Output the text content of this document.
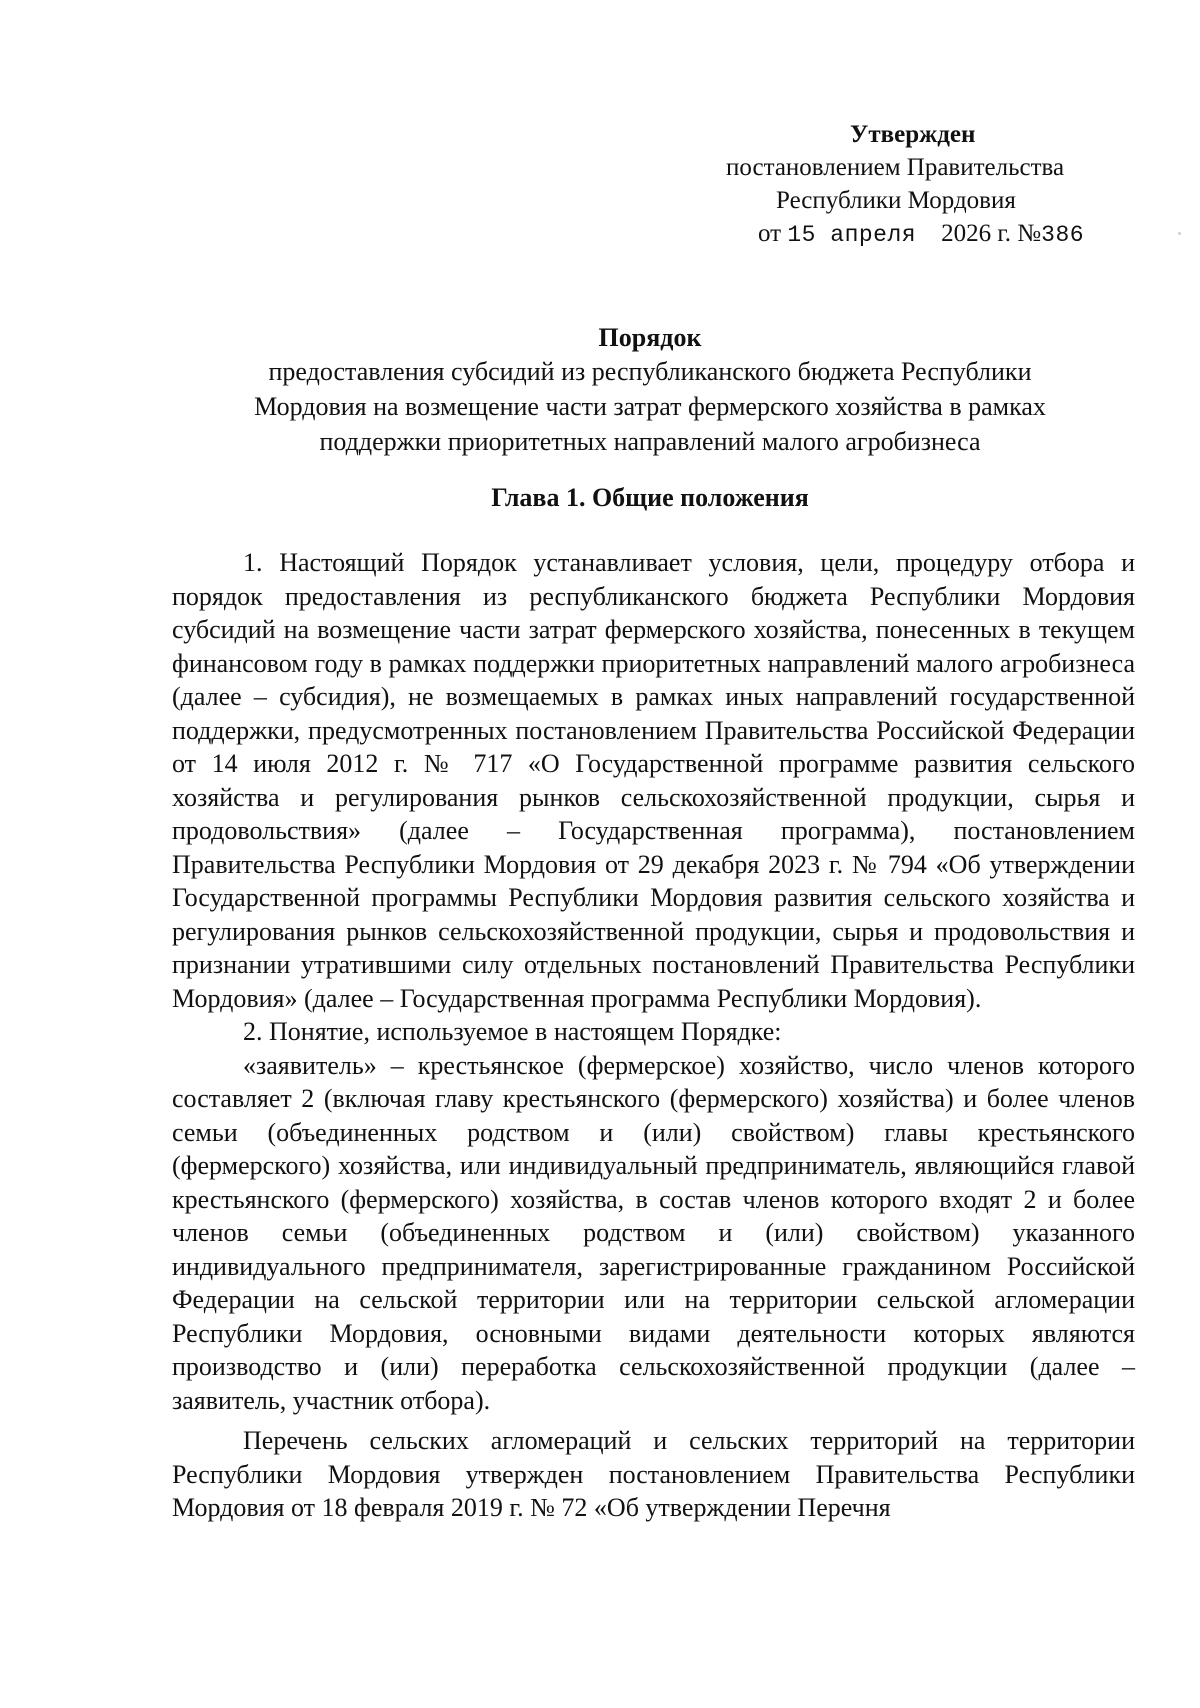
Утвержден
постановлением Правительства
Республики Мордовия
от 15 апреля 2026 г. №386
Порядок
предоставления субсидий из республиканского бюджета Республики
Мордовия на возмещение части затрат фермерского хозяйства в рамках
поддержки приоритетных направлений малого агробизнеса
Глава 1. Общие положения

1. Настоящий Порядок устанавливает условия, цели, процедуру отбора и порядок предоставления из республиканского бюджета Республики Мордовия субсидий на возмещение части затрат фермерского хозяйства, понесенных в текущем финансовом году в рамках поддержки приоритетных направлений малого агробизнеса (далее – субсидия), не возмещаемых в рамках иных направлений государственной поддержки, предусмотренных постановлением Правительства Российской Федерации от 14 июля 2012 г. № 717 «О Государственной программе развития сельского хозяйства и регулирования рынков сельскохозяйственной продукции, сырья и продовольствия» (далее – Государственная программа), постановлением Правительства Республики Мордовия от 29 декабря 2023 г. № 794 «Об утверждении Государственной программы Республики Мордовия развития сельского хозяйства и регулирования рынков сельскохозяйственной продукции, сырья и продовольствия и признании утратившими силу отдельных постановлений Правительства Республики Мордовия» (далее – Государственная программа Республики Мордовия).

2. Понятие, используемое в настоящем Порядке:

«заявитель» – крестьянское (фермерское) хозяйство, число членов которого составляет 2 (включая главу крестьянского (фермерского) хозяйства) и более членов семьи (объединенных родством и (или) свойством) главы крестьянского (фермерского) хозяйства, или индивидуальный предприниматель, являющийся главой крестьянского (фермерского) хозяйства, в состав членов которого входят 2 и более членов семьи (объединенных родством и (или) свойством) указанного индивидуального предпринимателя, зарегистрированные гражданином Российской Федерации на сельской территории или на территории сельской агломерации Республики Мордовия, основными видами деятельности которых являются производство и (или) переработка сельскохозяйственной продукции (далее – заявитель, участник отбора).

Перечень сельских агломераций и сельских территорий на территории Республики Мордовия утвержден постановлением Правительства Республики Мордовия от 18 февраля 2019 г. № 72 «Об утверждении Перечня
